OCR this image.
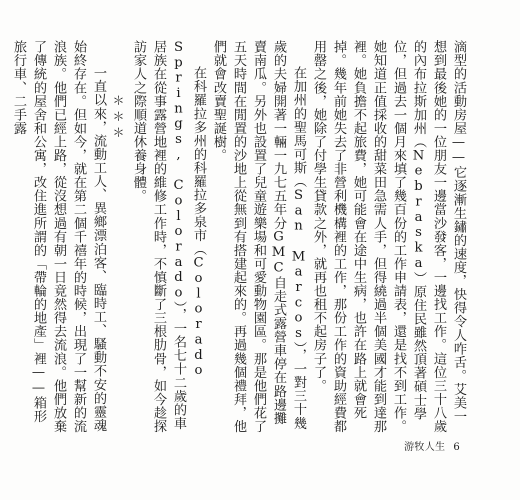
滴型的活動房屋——它逐漸生鏽的速度，快得令人咋舌。艾美一想到最後她的一位朋友一邊當沙發客，一邊找工作。這位三十八歲的內布拉斯加州（Nebraska）原住民雖然頂著碩士學位，但過去一個月來填了幾百份的工作申請表，還是找不到工作。她知道正值採收的甜菜田急需人手，但得繞過半個美國才能到達那裡。她負擔不起旅費，她可能會在途中生病，也許在路上就會死掉。幾年前她失去了非營利機構裡的工作，那份工作的資助經費都用罄之後，她除了付學生貸款之外，就再也租不起房子了。

在加州的聖馬可斯（San Marcos），一對三十幾歲的夫婦開著一輛一九七五年分GMC自走式露營車停在路邊攤賣南瓜。另外也設置了兒童遊樂場和可愛動物園區。那是他們花了五天時間在閒置的沙地上從無到有搭建起來的。再過幾個禮拜，他們就會改賣聖誕樹。

在科羅拉多州的科羅拉多泉市（Colorado Springs, Colorado），一名七十二歲的車居族在從事露營地裡的維修工作時，不慎斷了三根肋骨，如今趁探訪家人之際順道休養身體。

＊＊＊

一直以來，流動工人、異鄉漂泊客、臨時工、騷動不安的靈魂始終存在。但如今，就在第二個千禧年的時候，出現了一幫新的流浪族。他們已經上路，從沒想過有朝一日竟然得去流浪。他們放棄了傳統的屋舍和公寓，改住進所謂的「帶輪的地產」裡——箱形旅行車、二手露

游牧人生 6
